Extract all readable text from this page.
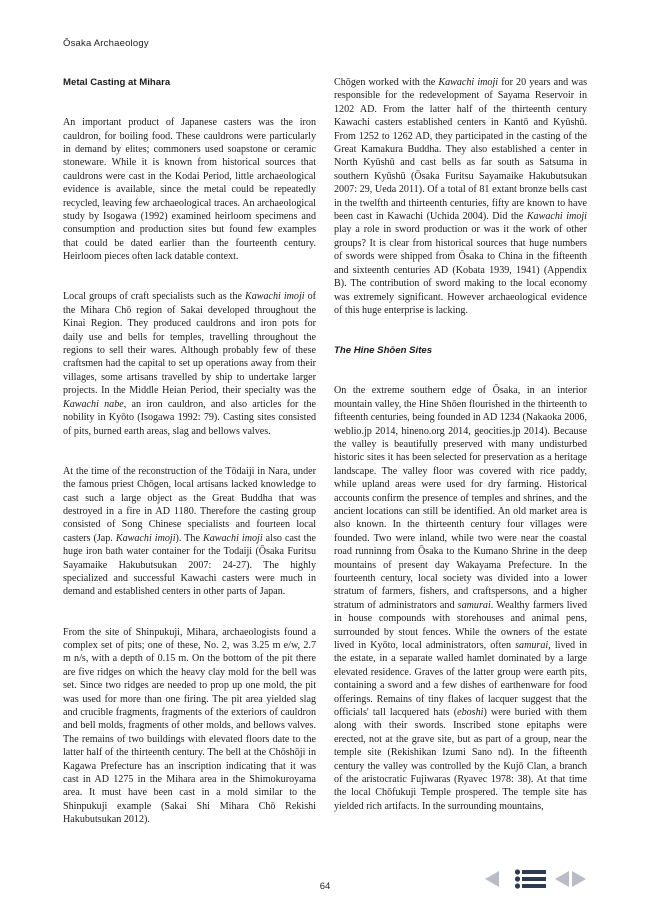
Ōsaka Archaeology
Metal Casting at Mihara

An important product of Japanese casters was the iron cauldron, for boiling food. These cauldrons were particularly in demand by elites; commoners used soapstone or ceramic stoneware. While it is known from historical sources that cauldrons were cast in the Kodai Period, little archaeological evidence is available, since the metal could be repeatedly recycled, leaving few archaeological traces. An archaeological study by Isogawa (1992) examined heirloom specimens and consumption and production sites but found few examples that could be dated earlier than the fourteenth century. Heirloom pieces often lack datable context.

Local groups of craft specialists such as the Kawachi imoji of the Mihara Chō region of Sakai developed throughout the Kinai Region. They produced cauldrons and iron pots for daily use and bells for temples, travelling throughout the regions to sell their wares. Although probably few of these craftsmen had the capital to set up operations away from their villages, some artisans travelled by ship to undertake larger projects. In the Middle Heian Period, their specialty was the Kawachi nabe, an iron cauldron, and also articles for the nobility in Kyōto (Isogawa 1992: 79). Casting sites consisted of pits, burned earth areas, slag and bellows valves.

At the time of the reconstruction of the Tōdaiji in Nara, under the famous priest Chōgen, local artisans lacked knowledge to cast such a large object as the Great Buddha that was destroyed in a fire in AD 1180. Therefore the casting group consisted of Song Chinese specialists and fourteen local casters (Jap. Kawachi imoji). The Kawachi imoji also cast the huge iron bath water container for the Todaiji (Ōsaka Furitsu Sayamaike Hakubutsukan 2007: 24-27). The highly specialized and successful Kawachi casters were much in demand and established centers in other parts of Japan.

From the site of Shinpukuji, Mihara, archaeologists found a complex set of pits; one of these, No. 2, was 3.25 m e/w, 2.7 m n/s, with a depth of 0.15 m. On the bottom of the pit there are five ridges on which the heavy clay mold for the bell was set. Since two ridges are needed to prop up one mold, the pit was used for more than one firing. The pit area yielded slag and crucible fragments, fragments of the exteriors of cauldron and bell molds, fragments of other molds, and bellows valves. The remains of two buildings with elevated floors date to the latter half of the thirteenth century. The bell at the Chōshōji in Kagawa Prefecture has an inscription indicating that it was cast in AD 1275 in the Mihara area in the Shimokuroyama area. It must have been cast in a mold similar to the Shinpukuji example (Sakai Shi Mihara Chō Rekishi Hakubutsukan 2012).

Chōgen worked with the Kawachi imoji for 20 years and was responsible for the redevelopment of Sayama Reservoir in 1202 AD. From the latter half of the thirteenth century Kawachi casters established centers in Kantō and Kyūshū. From 1252 to 1262 AD, they participated in the casting of the Great Kamakura Buddha. They also established a center in North Kyūshū and cast bells as far south as Satsuma in southern Kyūshū (Ōsaka Furitsu Sayamaike Hakubutsukan 2007: 29, Ueda 2011). Of a total of 81 extant bronze bells cast in the twelfth and thirteenth centuries, fifty are known to have been cast in Kawachi (Uchida 2004). Did the Kawachi imoji play a role in sword production or was it the work of other groups? It is clear from historical sources that huge numbers of swords were shipped from Ōsaka to China in the fifteenth and sixteenth centuries AD (Kobata 1939, 1941) (Appendix B). The contribution of sword making to the local economy was extremely significant. However archaeological evidence of this huge enterprise is lacking.

The Hine Shōen Sites

On the extreme southern edge of Ōsaka, in an interior mountain valley, the Hine Shōen flourished in the thirteenth to fifteenth centuries, being founded in AD 1234 (Nakaoka 2006, weblio.jp 2014, hineno.org 2014, geocities.jp 2014). Because the valley is beautifully preserved with many undisturbed historic sites it has been selected for preservation as a heritage landscape. The valley floor was covered with rice paddy, while upland areas were used for dry farming. Historical accounts confirm the presence of temples and shrines, and the ancient locations can still be identified. An old market area is also known. In the thirteenth century four villages were founded. Two were inland, while two were near the coastal road runninng from Ōsaka to the Kumano Shrine in the deep mountains of present day Wakayama Prefecture. In the fourteenth century, local society was divided into a lower stratum of farmers, fishers, and craftspersons, and a higher stratum of administrators and samurai. Wealthy farmers lived in house compounds with storehouses and animal pens, surrounded by stout fences. While the owners of the estate lived in Kyōto, local administrators, often samurai, lived in the estate, in a separate walled hamlet dominated by a large elevated residence. Graves of the latter group were earth pits, containing a sword and a few dishes of earthenware for food offerings. Remains of tiny flakes of lacquer suggest that the officials' tall lacquered hats (eboshi) were buried with them along with their swords. Inscribed stone epitaphs were erected, not at the grave site, but as part of a group, near the temple site (Rekishikan Izumi Sano nd). In the fifteenth century the valley was controlled by the Kujō Clan, a branch of the aristocratic Fujiwaras (Ryavec 1978: 38). At that time the local Chōfukuji Temple prospered. The temple site has yielded rich artifacts. In the surrounding mountains,

64
